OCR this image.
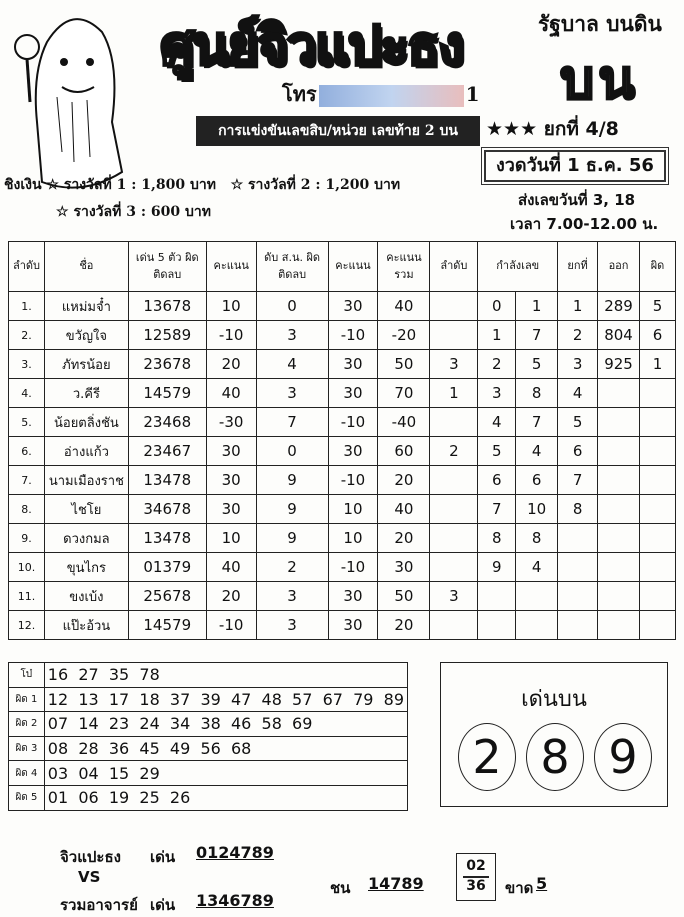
ศูนย์จิวแปะธง	รัฐบาล บนดิน
บน
โทร	1
การแข่งขันเลขสิบ/หน่วย เลขท้าย 2 บน	★★★ ยกที่ 4/8
งวดวันที่ 1 ธ.ค. 56
ส่งเลขวันที่ 3, 18
เวลา 7.00-12.00 น.
ชิงเงิน ☆ รางวัลที่ 1 : 1,800 บาท ☆ รางวัลที่ 2 : 1,200 บาท
☆ รางวัลที่ 3 : 600 บาท
ลำดับ	ชื่อ	เด่น 5 ตัว ผิดติดลบ	คะแนน	ดับ ส.น. ผิดติดลบ	คะแนน	คะแนน รวม	ลำดับ	กำลังเลข		ยกที่	ออก	ผิด
1.	แหม่มจ๋ำ	13678	10	0	30	40		0	1	1	289	5
2.	ขวัญใจ	12589	-10	3	-10	-20		1	7	2	804	6
3.	ภัทรน้อย	23678	20	4	30	50	3	2	5	3	925	1
4.	ว.คีรี	14579	40	3	30	70	1	3	8	4		
5.	น้อยตลิ่งชัน	23468	-30	7	-10	-40		4	7	5		
6.	อ่างแก้ว	23467	30	0	30	60	2	5	4	6		
7.	นามเมืองราช	13478	30	9	-10	20		6	6	7		
8.	ไชโย	34678	30	9	10	40		7	10	8		
9.	ดวงกมล	13478	10	9	10	20		8	8			
10.	ขุนไกร	01379	40	2	-10	30		9	4			
11.	ขงเบ้ง	25678	20	3	30	50	3					
12.	แป๊ะอ้วน	14579	-10	3	30	20						
โบ๋	16  27  35  78
ผิด 1	12  13  17  18  37  39  47  48  57  67  79  89
ผิด 2	07  14  23  24  34  38  46  58  69
ผิด 3	08  28  36  45  49  56  68
ผิด 4	03  04  15  29
ผิด 5	01  06  19  25  26
เด่นบน
2 8 9
จิวแปะธง เด่น 0124789
VS
รวมอาจารย์ เด่น 1346789
ชน 14789
02
36	ขาด 5
